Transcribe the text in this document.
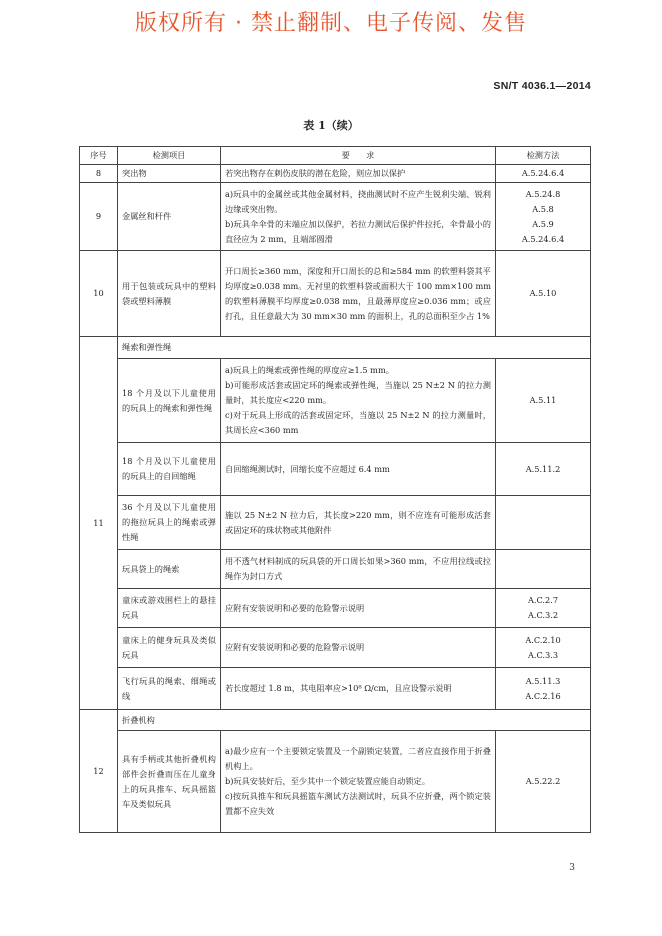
版权所有 · 禁止翻制、电子传阅、发售
SN/T 4036.1—2014
表 1（续）
序号	检测项目	要　　求	检测方法
8	突出物	若突出物存在刺伤皮肤的潜在危险，则应加以保护	A.5.24.6.4
9	金属丝和杆件	a)玩具中的金属丝或其他金属材料，挠曲测试时不应产生锐利尖端、锐利边缘或突出物。
b)玩具伞伞骨的末端应加以保护，若拉力测试后保护件拉托，伞骨最小的直径应为 2 mm，且端部圆滑	A.5.24.8
A.5.8
A.5.9
A.5.24.6.4
10	用于包装或玩具中的塑料袋或塑料薄膜	开口周长≥360 mm，深度和开口周长的总和≥584 mm 的软塑料袋其平均厚度≥0.038 mm。无衬里的软塑料袋或面积大于 100 mm×100 mm 的软塑料薄膜平均厚度≥0.038 mm，且最薄厚度应≥0.036 mm；或应打孔，且任意最大为 30 mm×30 mm 的面积上，孔的总面积至少占 1%	A.5.10
11	绳索和弹性绳		
	18 个月及以下儿童使用的玩具上的绳索和弹性绳	a)玩具上的绳索或弹性绳的厚度应≥1.5 mm。
b)可能形成活套或固定环的绳索或弹性绳，当施以 25 N±2 N 的拉力测量时，其长度应<220 mm。
c)对于玩具上形成的活套或固定环，当施以 25 N±2 N 的拉力测量时，其周长应<360 mm	A.5.11
	18 个月及以下儿童使用的玩具上的自回缩绳	自回缩绳测试时，回缩长度不应超过 6.4 mm	A.5.11.2
	36 个月及以下儿童使用的拖拉玩具上的绳索或弹性绳	施以 25 N±2 N 拉力后，其长度>220 mm，则不应连有可能形成活套或固定环的珠状物或其他附件	
	玩具袋上的绳索	用不透气材料制成的玩具袋的开口周长如果>360 mm，不应用拉线或拉绳作为封口方式	
	童床或游戏围栏上的悬挂玩具	应附有安装说明和必要的危险警示说明	A.C.2.7
A.C.3.2
	童床上的健身玩具及类似玩具	应附有安装说明和必要的危险警示说明	A.C.2.10
A.C.3.3
	飞行玩具的绳索、细绳或线	若长度超过 1.8 m，其电阻率应>10⁸ Ω/cm，且应设警示说明	A.5.11.3
A.C.2.16
12	折叠机构		
	具有手柄或其他折叠机构部件会折叠而压在儿童身上的玩具推车、玩具摇篮车及类似玩具	a)最少应有一个主要锁定装置及一个副锁定装置，二者应直接作用于折叠机构上。
b)玩具安装好后，至少其中一个锁定装置应能自动锁定。
c)按玩具推车和玩具摇篮车测试方法测试时，玩具不应折叠，两个锁定装置都不应失效	A.5.22.2
3
